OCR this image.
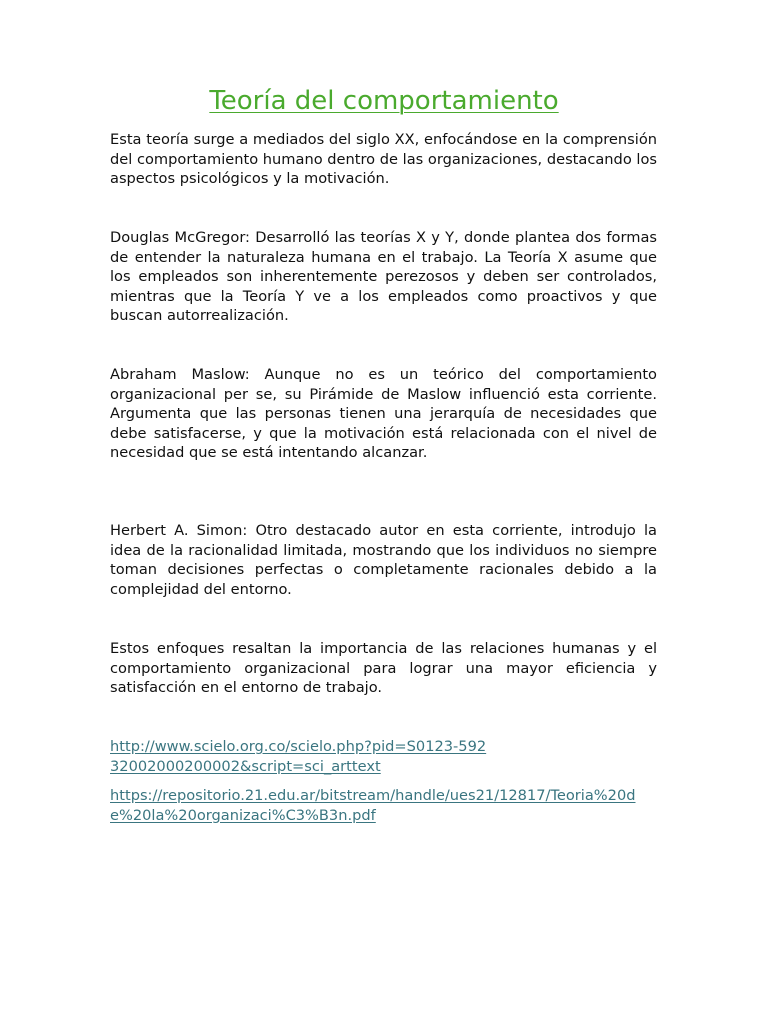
Teoría del comportamiento

Esta teoría surge a mediados del siglo XX, enfocándose en la comprensión del comportamiento humano dentro de las organizaciones, destacando los aspectos psicológicos y la motivación.

Douglas McGregor: Desarrolló las teorías X y Y, donde plantea dos formas de entender la naturaleza humana en el trabajo. La Teoría X asume que los empleados son inherentemente perezosos y deben ser controlados, mientras que la Teoría Y ve a los empleados como proactivos y que buscan autorrealización.

Abraham Maslow: Aunque no es un teórico del comportamiento organizacional per se, su Pirámide de Maslow influenció esta corriente. Argumenta que las personas tienen una jerarquía de necesidades que debe satisfacerse, y que la motivación está relacionada con el nivel de necesidad que se está intentando alcanzar.

Herbert A. Simon: Otro destacado autor en esta corriente, introdujo la idea de la racionalidad limitada, mostrando que los individuos no siempre toman decisiones perfectas o completamente racionales debido a la complejidad del entorno.

Estos enfoques resaltan la importancia de las relaciones humanas y el comportamiento organizacional para lograr una mayor eficiencia y satisfacción en el entorno de trabajo.

http://www.scielo.org.co/scielo.php?pid=S0123-59232002000200002&script=sci_arttext
https://repositorio.21.edu.ar/bitstream/handle/ues21/12817/Teoria%20de%20la%20organizaci%C3%B3n.pdf
